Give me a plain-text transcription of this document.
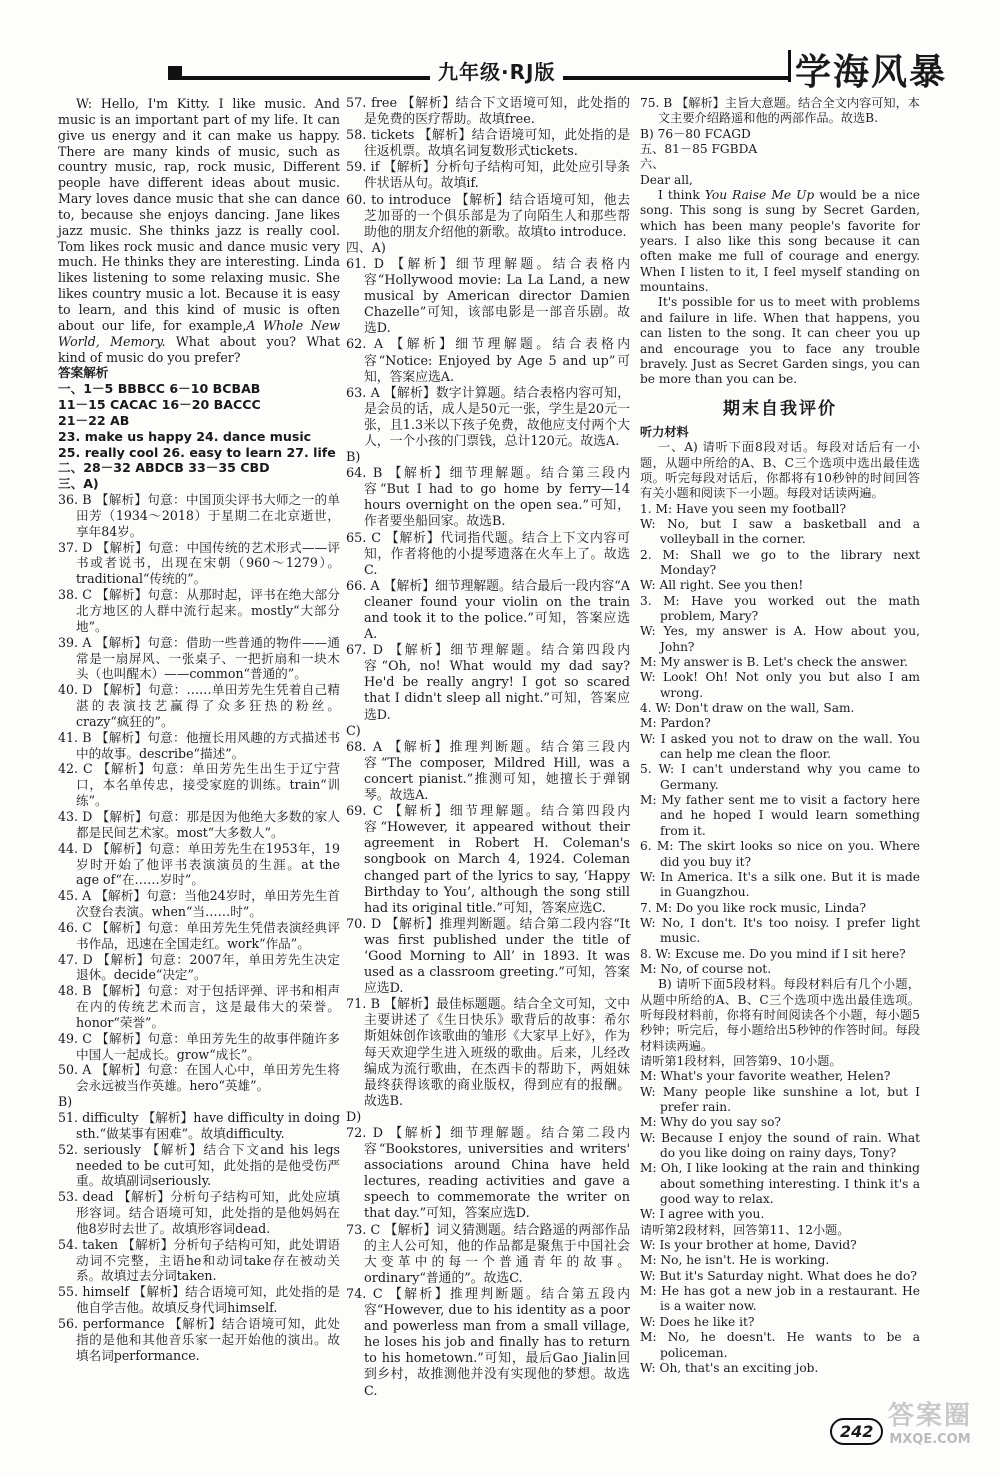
九年级·RJ版	学海风暴

W: Hello, I'm Kitty. I like music. And music is an important part of my life. It can give us energy and it can make us happy. There are many kinds of music, such as country music, rap, rock music, Different people have different ideas about music. Mary loves dance music that she can dance to, because she enjoys dancing. Jane likes jazz music. She thinks jazz is really cool. Tom likes rock music and dance music very much. He thinks they are interesting. Linda likes listening to some relaxing music. She likes country music a lot. Because it is easy to learn, and this kind of music is often about our life, for example,A Whole New World, Memory. What about you? What kind of music do you prefer?

答案解析

一、1－5 BBBCC 6－10 BCBAB

11－15 CACAC 16－20 BACCC

21－22 AB

23. make us happy 24. dance music

25. really cool 26. easy to learn 27. life

二、28－32 ABDCB 33－35 CBD

三、A)

36. B 【解析】句意：中国顶尖评书大师之一的单田芳（1934～2018）于星期二在北京逝世，享年84岁。

37. D 【解析】句意：中国传统的艺术形式——评书或者说书，出现在宋朝（960～1279）。traditional“传统的”。

38. C 【解析】句意：从那时起，评书在绝大部分北方地区的人群中流行起来。mostly“大部分地”。

39. A 【解析】句意：借助一些普通的物件——通常是一扇屏风、一张桌子、一把折扇和一块木头（也叫醒木）——common“普通的”。

40. D 【解析】句意：……单田芳先生凭着自己精湛的表演技艺赢得了众多狂热的粉丝。crazy“疯狂的”。

41. B 【解析】句意：他擅长用风趣的方式描述书中的故事。describe“描述”。

42. C 【解析】句意：单田芳先生出生于辽宁营口，本名单传忠，接受家庭的训练。train“训练”。

43. D 【解析】句意：那是因为他绝大多数的家人都是民间艺术家。most“大多数人”。

44. D 【解析】句意：单田芳先生在1953年，19岁时开始了他评书表演演员的生涯。at the age of“在……岁时”。

45. A 【解析】句意：当他24岁时，单田芳先生首次登台表演。when“当……时”。

46. C 【解析】句意：单田芳先生凭借表演经典评书作品，迅速在全国走红。work“作品”。

47. D 【解析】句意：2007年，单田芳先生决定退休。decide“决定”。

48. B 【解析】句意：对于包括评弹、评书和相声在内的传统艺术而言，这是最伟大的荣誉。honor“荣誉”。

49. C 【解析】句意：单田芳先生的故事伴随许多中国人一起成长。grow“成长”。

50. A 【解析】句意：在国人心中，单田芳先生将会永远被当作英雄。hero“英雄”。

B)

51. difficulty 【解析】have difficulty in doing sth.“做某事有困难”。故填difficulty.

52. seriously 【解析】结合下文and his legs needed to be cut可知，此处指的是他受伤严重。故填副词seriously.

53. dead 【解析】分析句子结构可知，此处应填形容词。结合语境可知，此处指的是他妈妈在他8岁时去世了。故填形容词dead.

54. taken 【解析】分析句子结构可知，此处谓语动词不完整，主语he和动词take存在被动关系。故填过去分词taken.

55. himself 【解析】结合语境可知，此处指的是他自学吉他。故填反身代词himself.

56. performance 【解析】结合语境可知，此处指的是他和其他音乐家一起开始他的演出。故填名词performance.

57. free 【解析】结合下文语境可知，此处指的是免费的医疗帮助。故填free.

58. tickets 【解析】结合语境可知，此处指的是往返机票。故填名词复数形式tickets.

59. if 【解析】分析句子结构可知，此处应引导条件状语从句。故填if.

60. to introduce 【解析】结合语境可知，他去芝加哥的一个俱乐部是为了向陌生人和那些帮助他的朋友介绍他的新歌。故填to introduce.

四、A)

61. D 【解析】细节理解题。结合表格内容“Hollywood movie: La La Land, a new musical by American director Damien Chazelle”可知，该部电影是一部音乐剧。故选D.

62. A 【解析】细节理解题。结合表格内容“Notice: Enjoyed by Age 5 and up”可知，答案应选A.

63. A 【解析】数字计算题。结合表格内容可知，是会员的话，成人是50元一张，学生是20元一张，且1.3米以下孩子免费，故他应支付两个大人，一个小孩的门票钱，总计120元。故选A.

B)

64. B 【解析】细节理解题。结合第三段内容“But I had to go home by ferry—14 hours overnight on the open sea.”可知，作者要坐船回家。故选B.

65. C 【解析】代词指代题。结合上下文内容可知，作者将他的小提琴遗落在火车上了。故选C.

66. A 【解析】细节理解题。结合最后一段内容“A cleaner found your violin on the train and took it to the police.”可知，答案应选A.

67. D 【解析】细节理解题。结合第四段内容“Oh, no! What would my dad say? He'd be really angry! I got so scared that I didn't sleep all night.”可知，答案应选D.

C)

68. A 【解析】推理判断题。结合第三段内容“The composer, Mildred Hill, was a concert pianist.”推测可知，她擅长于弹钢琴。故选A.

69. C 【解析】细节理解题。结合第四段内容“However, it appeared without their agreement in Robert H. Coleman's songbook on March 4, 1924. Coleman changed part of the lyrics to say, ‘Happy Birthday to You’, although the song still had its original title.”可知，答案应选C.

70. D 【解析】推理判断题。结合第二段内容“It was first published under the title of ‘Good Morning to All’ in 1893. It was used as a classroom greeting.”可知，答案应选D.

71. B 【解析】最佳标题题。结合全文可知，文中主要讲述了《生日快乐》歌背后的故事：希尔斯姐妹创作该歌曲的雏形《大家早上好》，作为每天欢迎学生进入班级的歌曲。后来，儿经改编成为流行歌曲，在杰西卡的帮助下，两姐妹最终获得该歌的商业版权，得到应有的报酬。故选B.

D)

72. D 【解析】细节理解题。结合第二段内容“Bookstores, universities and writers' associations around China have held lectures, reading activities and gave a speech to commemorate the writer on that day.”可知，答案应选D.

73. C 【解析】词义猜测题。结合路遥的两部作品的主人公可知，他的作品都是聚焦于中国社会大变革中的每一个普通青年的故事。ordinary“普通的”。故选C.

74. C 【解析】推理判断题。结合第五段内容“However, due to his identity as a poor and powerless man from a small village, he loses his job and finally has to return to his hometown.”可知，最后Gao Jialin回到乡村，故推测他并没有实现他的梦想。故选C.

75. B 【解析】主旨大意题。结合全文内容可知，本文主要介绍路遥和他的两部作品。故选B.

B) 76－80 FCAGD

五、81－85 FGBDA

六、

Dear all,

I think You Raise Me Up would be a nice song. This song is sung by Secret Garden, which has been many people's favorite for years. I also like this song because it can often make me full of courage and energy. When I listen to it, I feel myself standing on mountains.

It's possible for us to meet with problems and failure in life. When that happens, you can listen to the song. It can cheer you up and encourage you to face any trouble bravely. Just as Secret Garden sings, you can be more than you can be.

期末自我评价

听力材料

一、A) 请听下面8段对话。每段对话后有一小题，从题中所给的A、B、C三个选项中选出最佳选项。听完每段对话后，你都将有10秒钟的时间回答有关小题和阅读下一小题。每段对话读两遍。

1. M: Have you seen my football?

W: No, but I saw a basketball and a volleyball in the corner.

2. M: Shall we go to the library next Monday?

W: All right. See you then!

3. M: Have you worked out the math problem, Mary?

W: Yes, my answer is A. How about you, John?

M: My answer is B. Let's check the answer.

W: Look! Oh! Not only you but also I am wrong.

4. W: Don't draw on the wall, Sam.

M: Pardon?

W: I asked you not to draw on the wall. You can help me clean the floor.

5. W: I can't understand why you came to Germany.

M: My father sent me to visit a factory here and he hoped I would learn something from it.

6. M: The skirt looks so nice on you. Where did you buy it?

W: In America. It's a silk one. But it is made in Guangzhou.

7. M: Do you like rock music, Linda?

W: No, I don't. It's too noisy. I prefer light music.

8. W: Excuse me. Do you mind if I sit here?

M: No, of course not.

B) 请听下面5段材料。每段材料后有几个小题，从题中所给的A、B、C三个选项中选出最佳选项。听每段材料前，你将有时间阅读各个小题，每小题5秒钟；听完后，每小题给出5秒钟的作答时间。每段材料读两遍。

请听第1段材料，回答第9、10小题。

M: What's your favorite weather, Helen?

W: Many people like sunshine a lot, but I prefer rain.

M: Why do you say so?

W: Because I enjoy the sound of rain. What do you like doing on rainy days, Tony?

M: Oh, I like looking at the rain and thinking about something interesting. I think it's a good way to relax.

W: I agree with you.

请听第2段材料，回答第11、12小题。

W: Is your brother at home, David?

M: No, he isn't. He is working.

W: But it's Saturday night. What does he do?

M: He has got a new job in a restaurant. He is a waiter now.

W: Does he like it?

M: No, he doesn't. He wants to be a policeman.

W: Oh, that's an exciting job.

242
答案圈
MXQE.COM
